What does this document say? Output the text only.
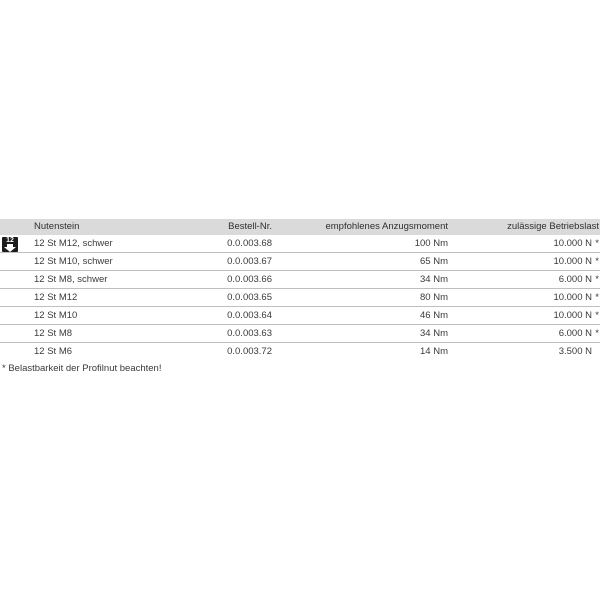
Nutenstein	Bestell-Nr.	empfohlenes Anzugsmoment	zulässige Betriebslast
12	12 St M12, schwer	0.0.003.68	100 Nm	10.000 N *
12 St M10, schwer	0.0.003.67	65 Nm	10.000 N *
12 St M8, schwer	0.0.003.66	34 Nm	6.000 N *
12 St M12	0.0.003.65	80 Nm	10.000 N *
12 St M10	0.0.003.64	46 Nm	10.000 N *
12 St M8	0.0.003.63	34 Nm	6.000 N *
12 St M6	0.0.003.72	14 Nm	3.500 N
* Belastbarkeit der Profilnut beachten!
